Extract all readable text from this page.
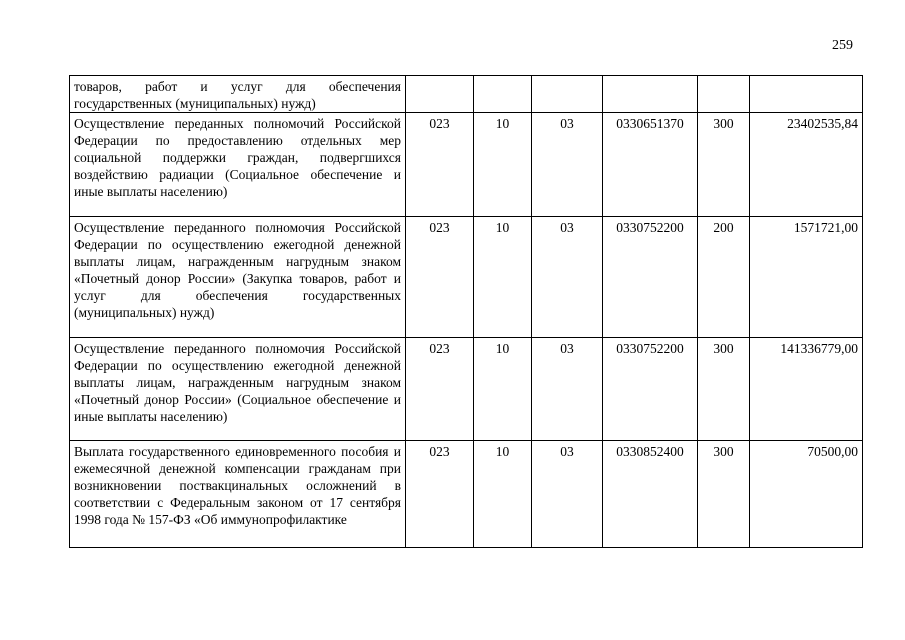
259
товаров, работ и услуг для обеспечения государственных (муниципальных) нужд)						
Осуществление переданных полномочий Российской Федерации по предоставлению отдельных мер социальной поддержки граждан, подвергшихся воздействию радиации (Социальное обеспечение и иные выплаты населению)	023	10	03	0330651370	300	23402535,84
Осуществление переданного полномочия Российской Федерации по осуществлению ежегодной денежной выплаты лицам, награжденным нагрудным знаком «Почетный донор России» (Закупка товаров, работ и услуг для обеспечения государственных (муниципальных) нужд)	023	10	03	0330752200	200	1571721,00
Осуществление переданного полномочия Российской Федерации по осуществлению ежегодной денежной выплаты лицам, награжденным нагрудным знаком «Почетный донор России» (Социальное обеспечение и иные выплаты населению)	023	10	03	0330752200	300	141336779,00
Выплата государственного единовременного пособия и ежемесячной денежной компенсации гражданам при возникновении поствакцинальных осложнений в соответствии с Федеральным законом от 17 сентября 1998 года № 157-ФЗ «Об иммунопрофилактике	023	10	03	0330852400	300	70500,00
